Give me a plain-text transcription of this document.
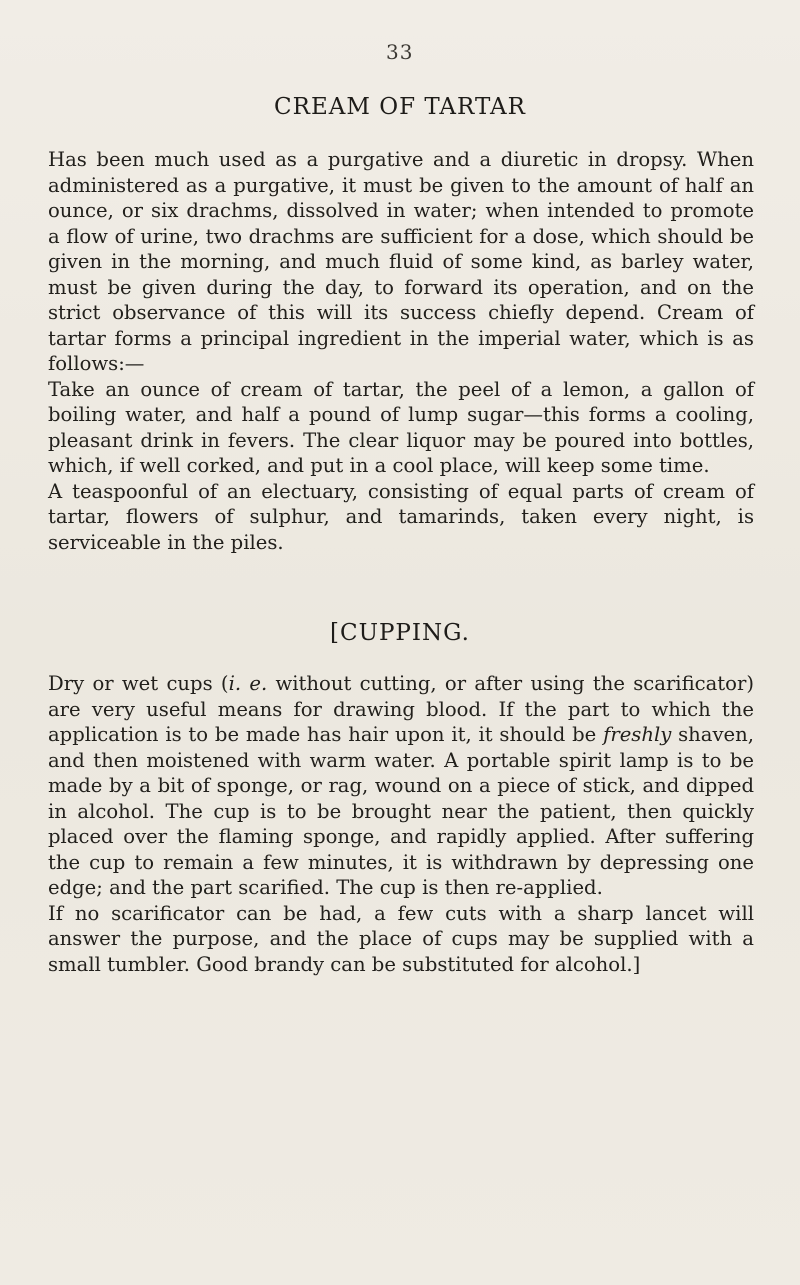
33
CREAM OF TARTAR

Has been much used as a purgative and a diuretic in dropsy. When administered as a purgative, it must be given to the amount of half an ounce, or six drachms, dissolved in water; when intended to promote a flow of urine, two drachms are sufficient for a dose, which should be given in the morning, and much fluid of some kind, as barley water, must be given during the day, to forward its operation, and on the strict observance of this will its success chiefly depend. Cream of tartar forms a principal ingredient in the imperial water, which is as follows:—

Take an ounce of cream of tartar, the peel of a lemon, a gallon of boiling water, and half a pound of lump sugar—this forms a cooling, pleasant drink in fevers. The clear liquor may be poured into bottles, which, if well corked, and put in a cool place, will keep some time.

A teaspoonful of an electuary, consisting of equal parts of cream of tartar, flowers of sulphur, and tamarinds, taken every night, is serviceable in the piles.

[CUPPING.

Dry or wet cups (i. e. without cutting, or after using the scarificator) are very useful means for drawing blood. If the part to which the application is to be made has hair upon it, it should be freshly shaven, and then moistened with warm water. A portable spirit lamp is to be made by a bit of sponge, or rag, wound on a piece of stick, and dipped in alcohol. The cup is to be brought near the patient, then quickly placed over the flaming sponge, and rapidly applied. After suffering the cup to remain a few minutes, it is withdrawn by depressing one edge; and the part scarified. The cup is then re-applied.

If no scarificator can be had, a few cuts with a sharp lancet will answer the purpose, and the place of cups may be supplied with a small tumbler. Good brandy can be substituted for alcohol.]
